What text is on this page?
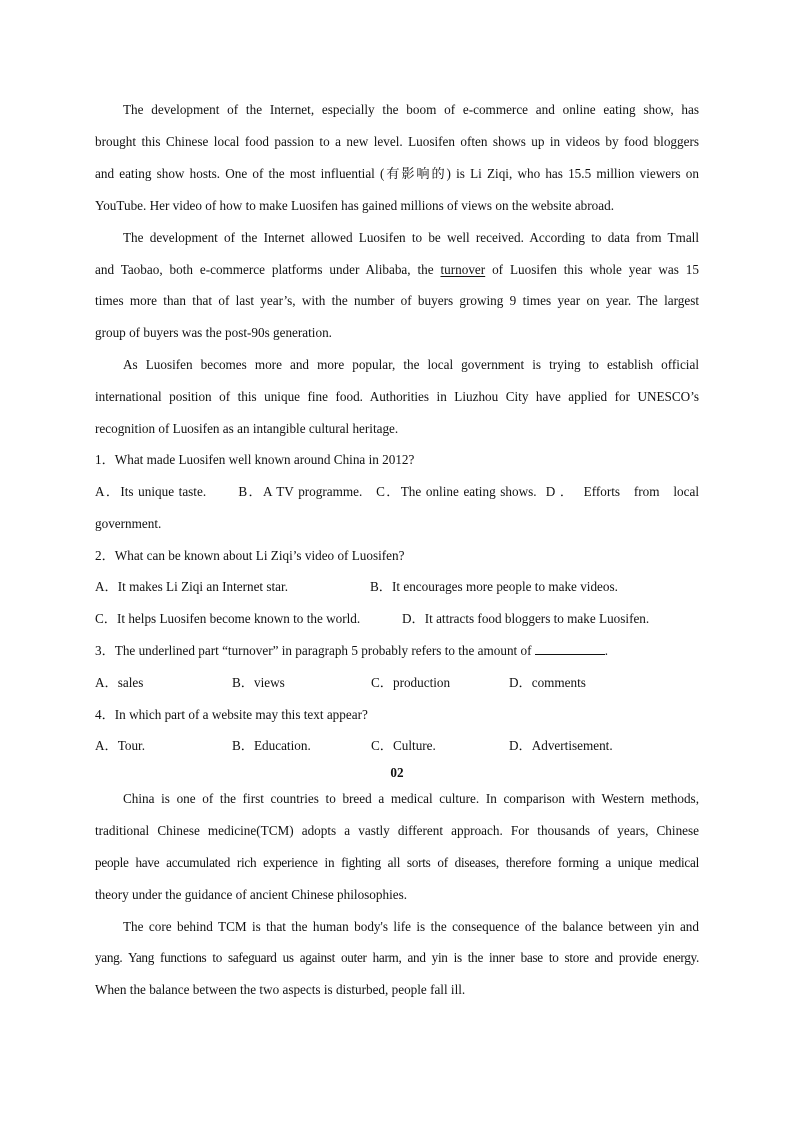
The development of the Internet, especially the boom of e-commerce and online eating show, has
brought this Chinese local food passion to a new level. Luosifen often shows up in videos by food bloggers
and eating show hosts. One of the most influential (有影响的) is Li Ziqi, who has 15.5 million viewers on
YouTube. Her video of how to make Luosifen has gained millions of views on the website abroad.
The development of the Internet allowed Luosifen to be well received. According to data from Tmall
and Taobao, both e-commerce platforms under Alibaba, the turnover of Luosifen this whole year was 15
times more than that of last year’s, with the number of buyers growing 9 times year on year. The largest
group of buyers was the post-90s generation.
As Luosifen becomes more and more popular, the local government is trying to establish official
international position of this unique fine food. Authorities in Liuzhou City have applied for UNESCO’s
recognition of Luosifen as an intangible cultural heritage.
1．What made Luosifen well known around China in 2012?
A．Its unique taste.       B．A TV programme.   C．The online eating shows.  D ．  Efforts   from   local
government.
2．What can be known about Li Ziqi’s video of Luosifen?
A．It makes Li Ziqi an Internet star.	B．It encourages more people to make videos.
C．It helps Luosifen become known to the world.	D．It attracts food bloggers to make Luosifen.
3．The underlined part “turnover” in paragraph 5 probably refers to the amount of	.
A．sales	B．views	C．production	D．comments
4．In which part of a website may this text appear?
A．Tour.	B．Education.	C．Culture.	D．Advertisement.
02
China is one of the first countries to breed a medical culture. In comparison with Western methods,
traditional Chinese medicine(TCM) adopts a vastly different approach. For thousands of years, Chinese
people have accumulated rich experience in fighting all sorts of diseases, therefore forming a unique medical
theory under the guidance of ancient Chinese philosophies.
The core behind TCM is that the human body's life is the consequence of the balance between yin and
yang. Yang functions to safeguard us against outer harm, and yin is the inner base to store and provide energy.
When the balance between the two aspects is disturbed, people fall ill.
